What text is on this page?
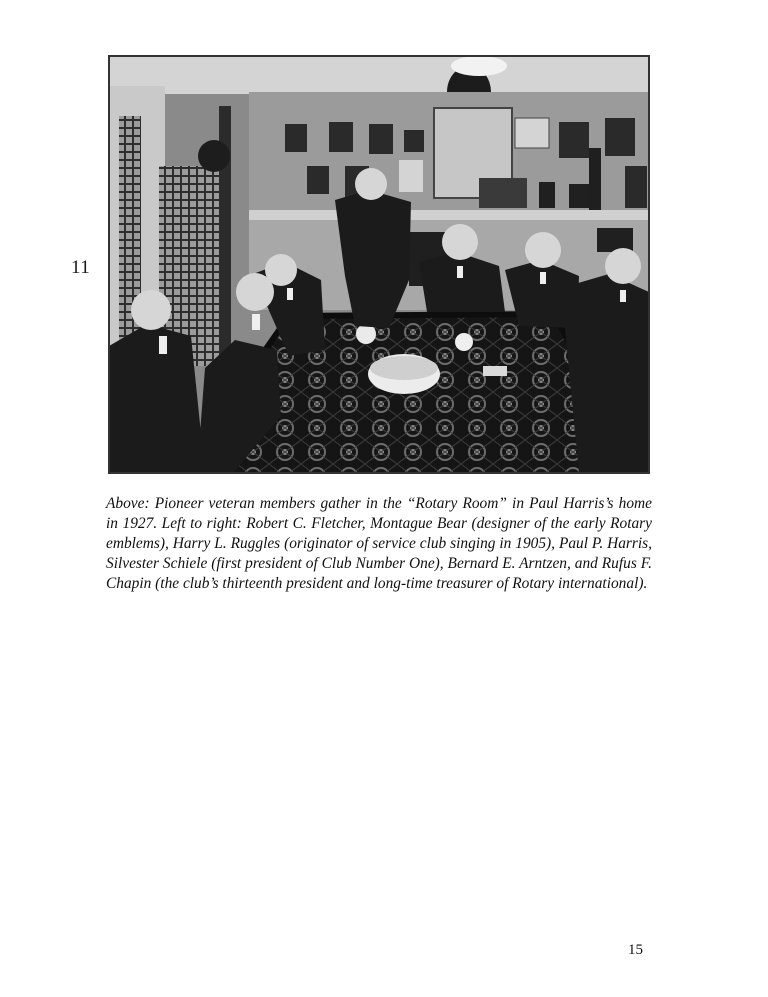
11

Above: Pioneer veteran members gather in the “Rotary Room” in Paul Harris’s home in 1927. Left to right: Robert C. Fletcher, Montague Bear (designer of the early Rotary emblems), Harry L. Ruggles (originator of service club singing in 1905), Paul P. Harris, Silvester Schiele (first president of Club Number One), Bernard E. Arntzen, and Rufus F. Chapin (the club’s thirteenth president and long-time treasurer of Rotary international).

15
